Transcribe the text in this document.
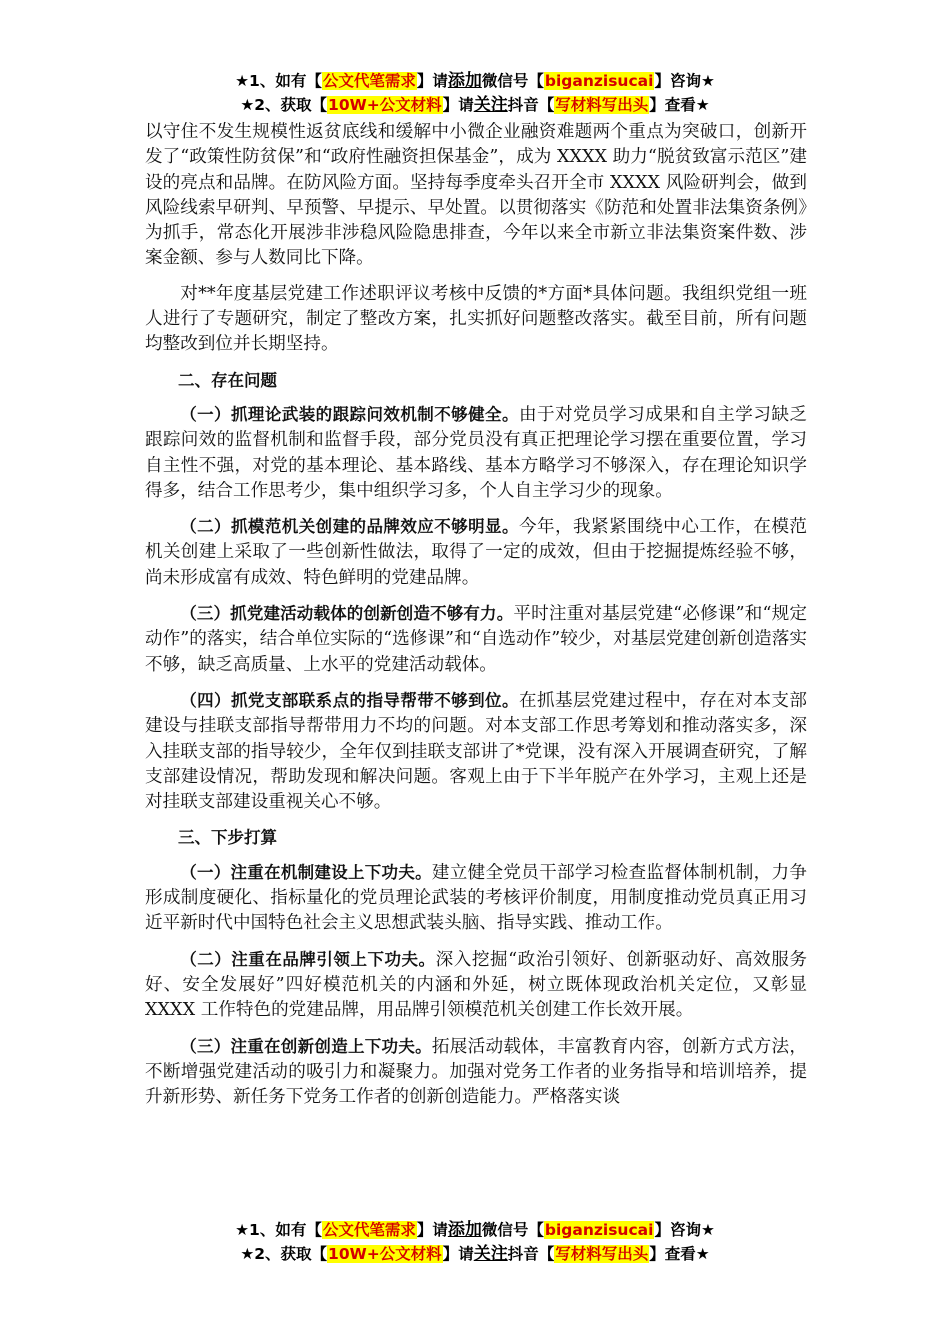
★1、如有【公文代笔需求】请添加微信号【biganzisucai】咨询★
★2、获取【10W+公文材料】请关注抖音【写材料写出头】查看★

以守住不发生规模性返贫底线和缓解中小微企业融资难题两个重点为突破口，创新开发了“政策性防贫保”和“政府性融资担保基金”，成为 XXXX 助力“脱贫致富示范区”建设的亮点和品牌。在防风险方面。坚持每季度牵头召开全市 XXXX 风险研判会，做到风险线索早研判、早预警、早提示、早处置。以贯彻落实《防范和处置非法集资条例》为抓手，常态化开展涉非涉稳风险隐患排查，今年以来全市新立非法集资案件数、涉案金额、参与人数同比下降。

对**年度基层党建工作述职评议考核中反馈的*方面*具体问题。我组织党组一班人进行了专题研究，制定了整改方案，扎实抓好问题整改落实。截至目前，所有问题均整改到位并长期坚持。

二、存在问题

（一）抓理论武装的跟踪问效机制不够健全。由于对党员学习成果和自主学习缺乏跟踪问效的监督机制和监督手段，部分党员没有真正把理论学习摆在重要位置，学习自主性不强，对党的基本理论、基本路线、基本方略学习不够深入，存在理论知识学得多，结合工作思考少，集中组织学习多，个人自主学习少的现象。

（二）抓模范机关创建的品牌效应不够明显。今年，我紧紧围绕中心工作，在模范机关创建上采取了一些创新性做法，取得了一定的成效，但由于挖掘提炼经验不够，尚未形成富有成效、特色鲜明的党建品牌。

（三）抓党建活动载体的创新创造不够有力。平时注重对基层党建“必修课”和“规定动作”的落实，结合单位实际的“选修课”和“自选动作”较少，对基层党建创新创造落实不够，缺乏高质量、上水平的党建活动载体。

（四）抓党支部联系点的指导帮带不够到位。在抓基层党建过程中，存在对本支部建设与挂联支部指导帮带用力不均的问题。对本支部工作思考筹划和推动落实多，深入挂联支部的指导较少，全年仅到挂联支部讲了*党课，没有深入开展调查研究，了解支部建设情况，帮助发现和解决问题。客观上由于下半年脱产在外学习，主观上还是对挂联支部建设重视关心不够。

三、下步打算

（一）注重在机制建设上下功夫。建立健全党员干部学习检查监督体制机制，力争形成制度硬化、指标量化的党员理论武装的考核评价制度，用制度推动党员真正用习近平新时代中国特色社会主义思想武装头脑、指导实践、推动工作。

（二）注重在品牌引领上下功夫。深入挖掘“政治引领好、创新驱动好、高效服务好、安全发展好”四好模范机关的内涵和外延，树立既体现政治机关定位，又彰显 XXXX 工作特色的党建品牌，用品牌引领模范机关创建工作长效开展。

（三）注重在创新创造上下功夫。拓展活动载体，丰富教育内容，创新方式方法，不断增强党建活动的吸引力和凝聚力。加强对党务工作者的业务指导和培训培养，提升新形势、新任务下党务工作者的创新创造能力。严格落实谈

★1、如有【公文代笔需求】请添加微信号【biganzisucai】咨询★
★2、获取【10W+公文材料】请关注抖音【写材料写出头】查看★
